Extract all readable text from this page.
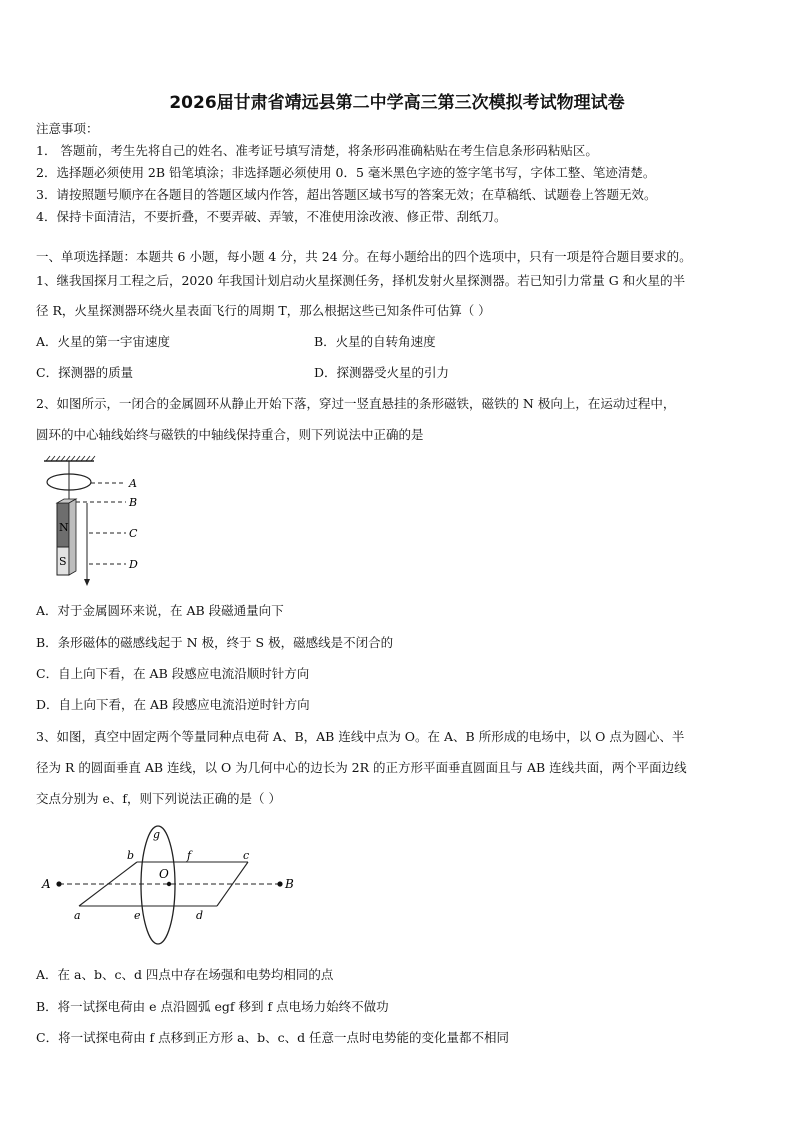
2026届甘肃省靖远县第二中学高三第三次模拟考试物理试卷
注意事项：
1． 答题前，考生先将自己的姓名、准考证号填写清楚，将条形码准确粘贴在考生信息条形码粘贴区。
2．选择题必须使用 2B 铅笔填涂；非选择题必须使用 0．5 毫米黑色字迹的签字笔书写，字体工整、笔迹清楚。
3．请按照题号顺序在各题目的答题区域内作答，超出答题区域书写的答案无效；在草稿纸、试题卷上答题无效。
4．保持卡面清洁，不要折叠，不要弄破、弄皱，不准使用涂改液、修正带、刮纸刀。
一、单项选择题：本题共 6 小题，每小题 4 分，共 24 分。在每小题给出的四个选项中，只有一项是符合题目要求的。
1、继我国探月工程之后，2020 年我国计划启动火星探测任务，择机发射火星探测器。若已知引力常量 G 和火星的半
径 R，火星探测器环绕火星表面飞行的周期 T，那么根据这些已知条件可估算（ ）
A．火星的第一宇宙速度	B．火星的自转角速度
C．探测器的质量	D．探测器受火星的引力
2、如图所示，一闭合的金属圆环从静止开始下落，穿过一竖直悬挂的条形磁铁，磁铁的 N 极向上，在运动过程中，
圆环的中心轴线始终与磁铁的中轴线保持重合，则下列说法中正确的是
A
B
C
D
N
S
A．对于金属圆环来说，在 AB 段磁通量向下
B．条形磁体的磁感线起于 N 极，终于 S 极，磁感线是不闭合的
C．自上向下看，在 AB 段感应电流沿顺时针方向
D．自上向下看，在 AB 段感应电流沿逆时针方向
3、如图，真空中固定两个等量同种点电荷 A、B，AB 连线中点为 O。在 A、B 所形成的电场中，以 O 点为圆心、半
径为 R 的圆面垂直 AB 连线，以 O 为几何中心的边长为 2R 的正方形平面垂直圆面且与 AB 连线共面，两个平面边线
交点分别为 e、f，则下列说法正确的是（ ）
A	B
O
a
b	c
d
e
f
g
A．在 a、b、c、d 四点中存在场强和电势均相同的点
B．将一试探电荷由 e 点沿圆弧 egf 移到 f 点电场力始终不做功
C．将一试探电荷由 f 点移到正方形 a、b、c、d 任意一点时电势能的变化量都不相同
